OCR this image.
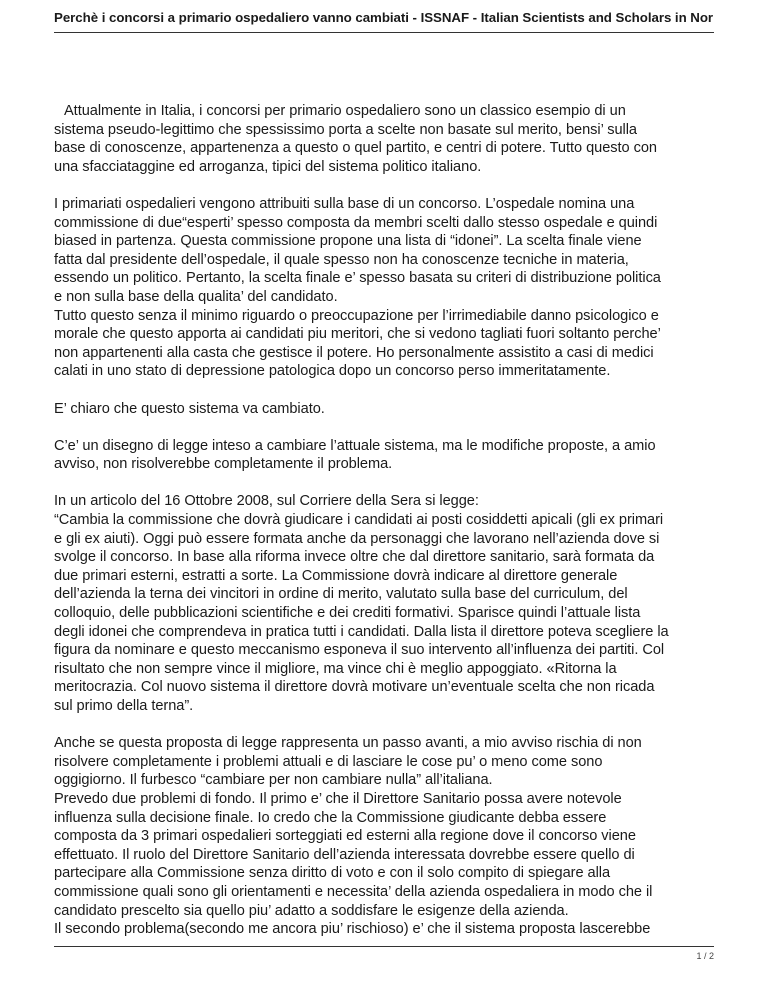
Perchè i concorsi a primario ospedaliero vanno cambiati - ISSNAF - Italian Scientists and Scholars in Nor

Attualmente in Italia, i concorsi per primario ospedaliero sono un classico esempio di un
sistema pseudo-legittimo che spessissimo porta a scelte non basate sul merito, bensi’ sulla
base di conoscenze, appartenenza a questo o quel partito, e centri di potere. Tutto questo con
una sfacciataggine ed arroganza, tipici del sistema politico italiano.

I primariati ospedalieri vengono attribuiti sulla base di un concorso. L’ospedale nomina una
commissione di due“esperti’ spesso composta da membri scelti dallo stesso ospedale e quindi
biased in partenza. Questa commissione propone una lista di “idonei”. La scelta finale viene
fatta dal presidente dell’ospedale, il quale spesso non ha conoscenze tecniche in materia,
essendo un politico. Pertanto, la scelta finale e’ spesso basata su criteri di distribuzione politica
e non sulla base della qualita’ del candidato.
Tutto questo senza il minimo riguardo o preoccupazione per l’irrimediabile danno psicologico e
morale che questo apporta ai candidati piu meritori, che si vedono tagliati fuori soltanto perche’
non appartenenti alla casta che gestisce il potere. Ho personalmente assistito a casi di medici
calati in uno stato di depressione patologica dopo un concorso perso immeritatamente.

E’ chiaro che questo sistema va cambiato.

C’e’ un disegno di legge inteso a cambiare l’attuale sistema, ma le modifiche proposte, a amio
avviso, non risolverebbe completamente il problema.

In un articolo del 16 Ottobre 2008, sul Corriere della Sera si legge:
“Cambia la commissione che dovrà giudicare i candidati ai posti cosiddetti apicali (gli ex primari
e gli ex aiuti). Oggi può essere formata anche da personaggi che lavorano nell’azienda dove si
svolge il concorso. In base alla riforma invece oltre che dal direttore sanitario, sarà formata da
due primari esterni, estratti a sorte. La Commissione dovrà indicare al direttore generale
dell’azienda la terna dei vincitori in ordine di merito, valutato sulla base del curriculum, del
colloquio, delle pubblicazioni scientifiche e dei crediti formativi. Sparisce quindi l’attuale lista
degli idonei che comprendeva in pratica tutti i candidati. Dalla lista il direttore poteva scegliere la
figura da nominare e questo meccanismo esponeva il suo intervento all’influenza dei partiti. Col
risultato che non sempre vince il migliore, ma vince chi è meglio appoggiato. «Ritorna la
meritocrazia. Col nuovo sistema il direttore dovrà motivare un’eventuale scelta che non ricada
sul primo della terna”.

Anche se questa proposta di legge rappresenta un passo avanti, a mio avviso rischia di non
risolvere completamente i problemi attuali e di lasciare le cose pu’ o meno come sono
oggigiorno. Il furbesco “cambiare per non cambiare nulla” all’italiana.
Prevedo due problemi di fondo. Il primo e’ che il Direttore Sanitario possa avere notevole
influenza sulla decisione finale. Io credo che la Commissione giudicante debba essere
composta da 3 primari ospedalieri sorteggiati ed esterni alla regione dove il concorso viene
effettuato. Il ruolo del Direttore Sanitario dell’azienda interessata dovrebbe essere quello di
partecipare alla Commissione senza diritto di voto e con il solo compito di spiegare alla
commissione quali sono gli orientamenti e necessita’ della azienda ospedaliera in modo che il
candidato prescelto sia quello piu’ adatto a soddisfare le esigenze della azienda.
Il secondo problema(secondo me ancora piu’ rischioso) e’ che il sistema proposta lascerebbe

1 / 2
